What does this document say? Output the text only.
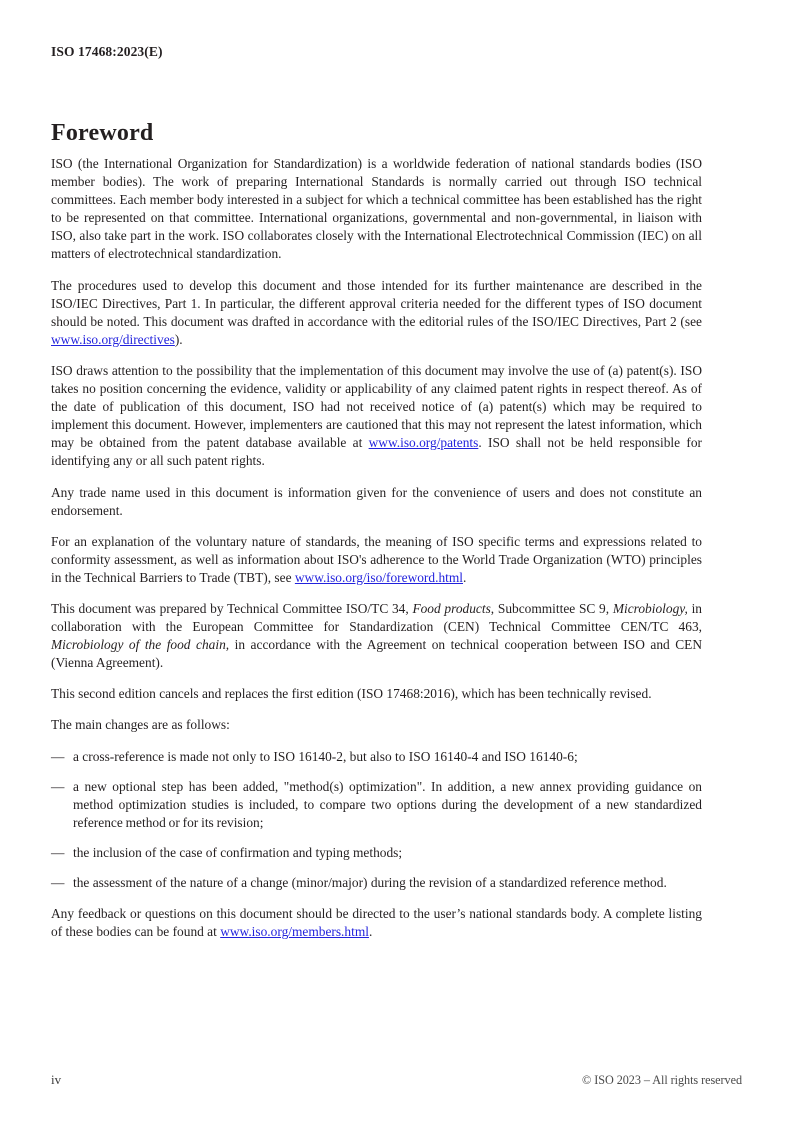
ISO 17468:2023(E)
Foreword

ISO (the International Organization for Standardization) is a worldwide federation of national standards bodies (ISO member bodies). The work of preparing International Standards is normally carried out through ISO technical committees. Each member body interested in a subject for which a technical committee has been established has the right to be represented on that committee. International organizations, governmental and non-governmental, in liaison with ISO, also take part in the work. ISO collaborates closely with the International Electrotechnical Commission (IEC) on all matters of electrotechnical standardization.

The procedures used to develop this document and those intended for its further maintenance are described in the ISO/IEC Directives, Part 1. In particular, the different approval criteria needed for the different types of ISO document should be noted. This document was drafted in accordance with the editorial rules of the ISO/IEC Directives, Part 2 (see www.iso.org/directives).

ISO draws attention to the possibility that the implementation of this document may involve the use of (a) patent(s). ISO takes no position concerning the evidence, validity or applicability of any claimed patent rights in respect thereof. As of the date of publication of this document, ISO had not received notice of (a) patent(s) which may be required to implement this document. However, implementers are cautioned that this may not represent the latest information, which may be obtained from the patent database available at www.iso.org/patents. ISO shall not be held responsible for identifying any or all such patent rights.

Any trade name used in this document is information given for the convenience of users and does not constitute an endorsement.

For an explanation of the voluntary nature of standards, the meaning of ISO specific terms and expressions related to conformity assessment, as well as information about ISO's adherence to the World Trade Organization (WTO) principles in the Technical Barriers to Trade (TBT), see www.iso.org/iso/foreword.html.

This document was prepared by Technical Committee ISO/TC 34, Food products, Subcommittee SC 9, Microbiology, in collaboration with the European Committee for Standardization (CEN) Technical Committee CEN/TC 463, Microbiology of the food chain, in accordance with the Agreement on technical cooperation between ISO and CEN (Vienna Agreement).

This second edition cancels and replaces the first edition (ISO 17468:2016), which has been technically revised.

The main changes are as follows:

— a cross-reference is made not only to ISO 16140-2, but also to ISO 16140-4 and ISO 16140-6;
— a new optional step has been added, "method(s) optimization". In addition, a new annex providing guidance on method optimization studies is included, to compare two options during the development of a new standardized reference method or for its revision;
— the inclusion of the case of confirmation and typing methods;
— the assessment of the nature of a change (minor/major) during the revision of a standardized reference method.

Any feedback or questions on this document should be directed to the user’s national standards body. A complete listing of these bodies can be found at www.iso.org/members.html.

iv	© ISO 2023 – All rights reserved
